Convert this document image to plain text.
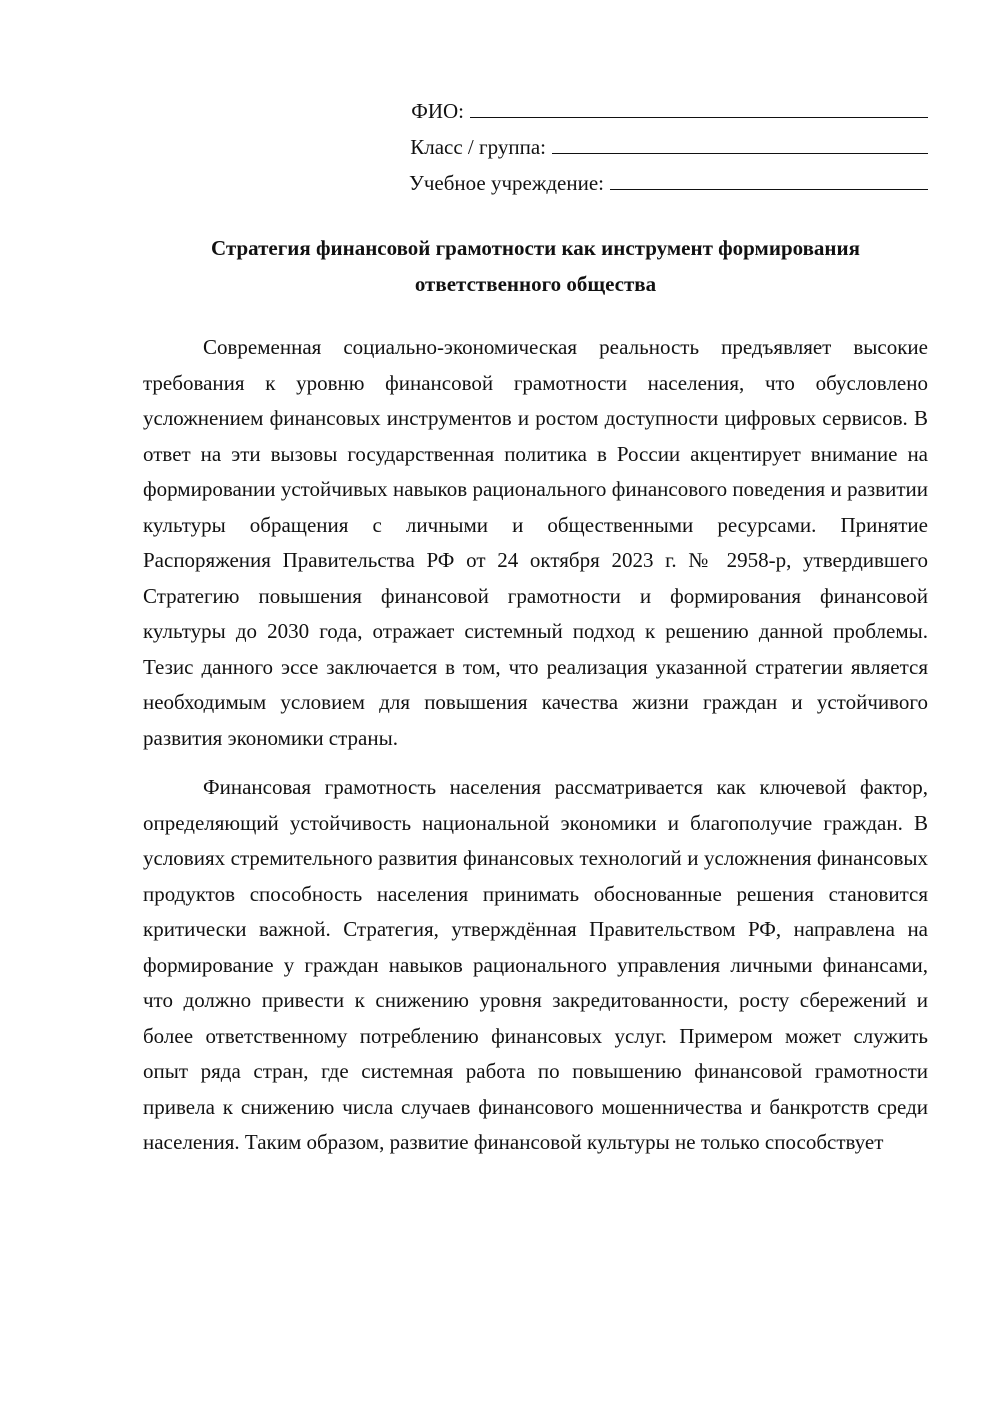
ФИО:
Класс / группа:
Учебное учреждение:
Стратегия финансовой грамотности как инструмент формирования ответственного общества

Современная социально-экономическая реальность предъявляет высокие требования к уровню финансовой грамотности населения, что обусловлено усложнением финансовых инструментов и ростом доступности цифровых сервисов. В ответ на эти вызовы государственная политика в России акцентирует внимание на формировании устойчивых навыков рационального финансового поведения и развитии культуры обращения с личными и общественными ресурсами. Принятие Распоряжения Правительства РФ от 24 октября 2023 г. № 2958-р, утвердившего Стратегию повышения финансовой грамотности и формирования финансовой культуры до 2030 года, отражает системный подход к решению данной проблемы. Тезис данного эссе заключается в том, что реализация указанной стратегии является необходимым условием для повышения качества жизни граждан и устойчивого развития экономики страны.

Финансовая грамотность населения рассматривается как ключевой фактор, определяющий устойчивость национальной экономики и благополучие граждан. В условиях стремительного развития финансовых технологий и усложнения финансовых продуктов способность населения принимать обоснованные решения становится критически важной. Стратегия, утверждённая Правительством РФ, направлена на формирование у граждан навыков рационального управления личными финансами, что должно привести к снижению уровня закредитованности, росту сбережений и более ответственному потреблению финансовых услуг. Примером может служить опыт ряда стран, где системная работа по повышению финансовой грамотности привела к снижению числа случаев финансового мошенничества и банкротств среди населения. Таким образом, развитие финансовой культуры не только способствует
